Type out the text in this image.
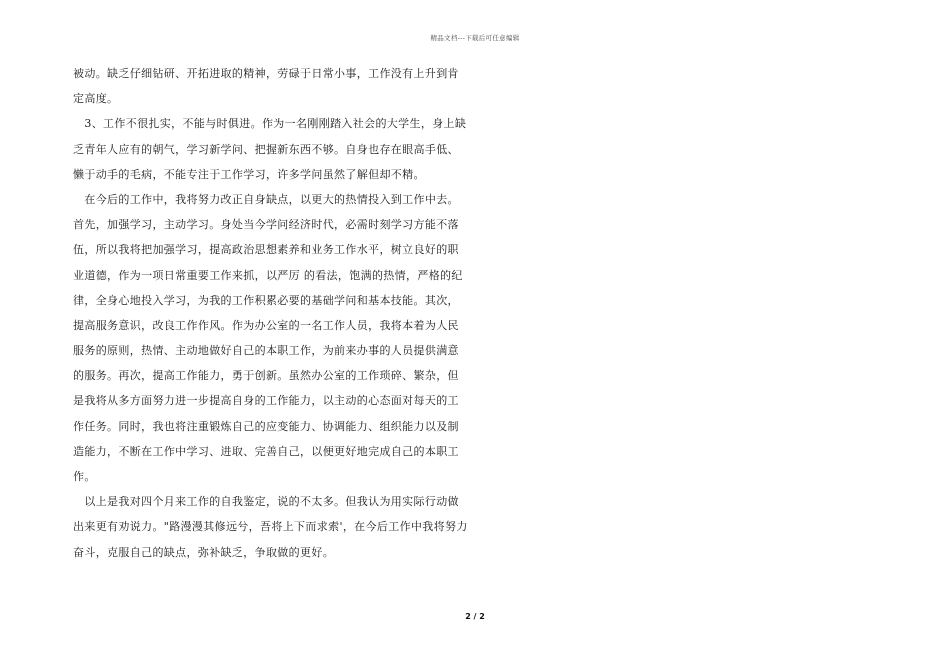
精品文档---下载后可任意编辑
被动。缺乏仔细钻研、开拓进取的精神，劳碌于日常小事，工作没有上升到肯
定高度。
　3、工作不很扎实，不能与时俱进。作为一名刚刚踏入社会的大学生，身上缺
乏青年人应有的朝气，学习新学问、把握新东西不够。自身也存在眼高手低、
懒于动手的毛病，不能专注于工作学习，许多学问虽然了解但却不精。
　在今后的工作中，我将努力改正自身缺点，以更大的热情投入到工作中去。
首先，加强学习，主动学习。身处当今学问经济时代，必需时刻学习方能不落
伍，所以我将把加强学习，提高政治思想素养和业务工作水平，树立良好的职
业道德，作为一项日常重要工作来抓，以严厉 的看法，饱满的热情，严格的纪
律，全身心地投入学习，为我的工作积累必要的基础学问和基本技能。其次，
提高服务意识，改良工作作风。作为办公室的一名工作人员，我将本着为人民
服务的原则，热情、主动地做好自己的本职工作，为前来办事的人员提供满意
的服务。再次，提高工作能力，勇于创新。虽然办公室的工作琐碎、繁杂，但
是我将从多方面努力进一步提高自身的工作能力，以主动的心态面对每天的工
作任务。同时，我也将注重锻炼自己的应变能力、协调能力、组织能力以及制
造能力，不断在工作中学习、进取、完善自己，以便更好地完成自己的本职工
作。
　以上是我对四个月来工作的自我鉴定，说的不太多。但我认为用实际行动做
出来更有劝说力。"路漫漫其修远兮，吾将上下而求索'，在今后工作中我将努力
奋斗，克服自己的缺点，弥补缺乏，争取做的更好。
2 / 2
